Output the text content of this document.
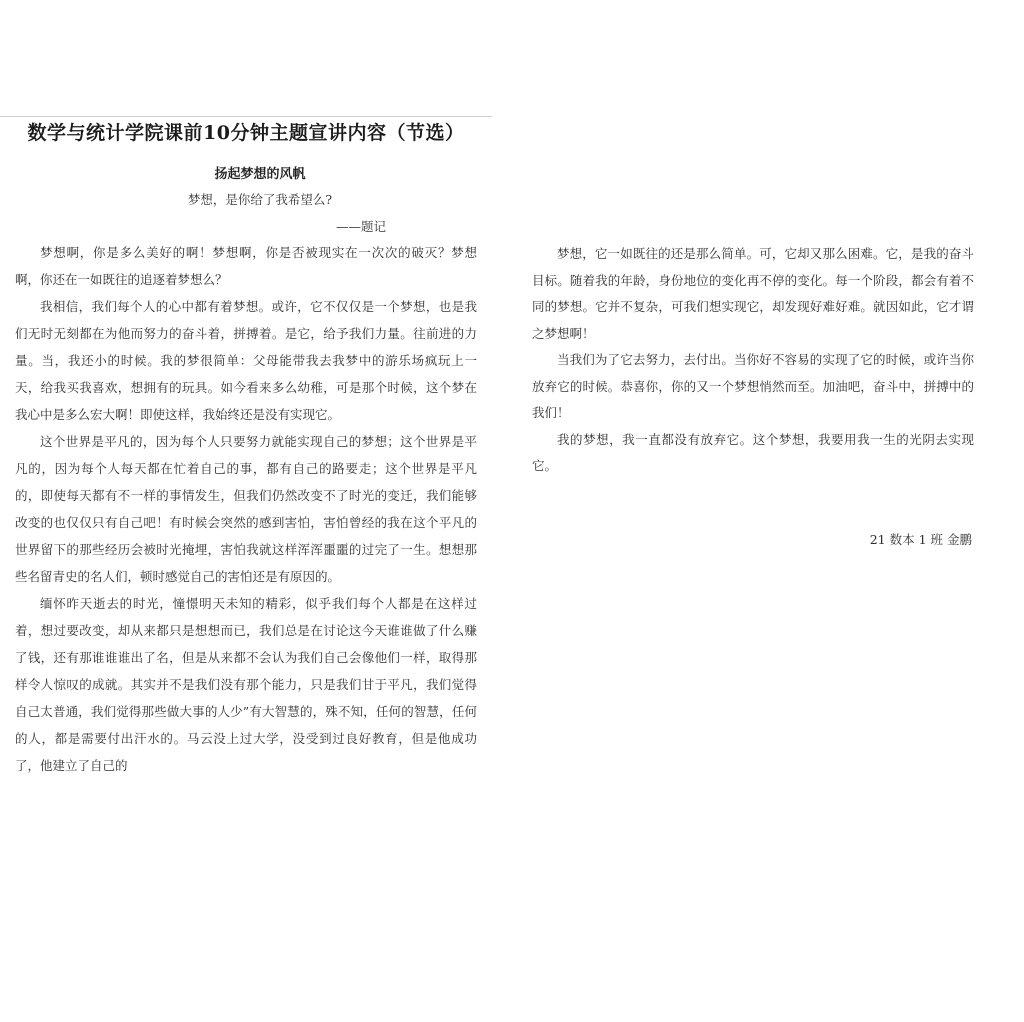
数学与统计学院课前10分钟主题宣讲内容（节选）
扬起梦想的风帆
梦想，是你给了我希望么?
——题记

梦想啊，你是多么美好的啊！梦想啊，你是否被现实在一次次的破灭？梦想啊，你还在一如既往的追逐着梦想么？

我相信，我们每个人的心中都有着梦想。或许，它不仅仅是一个梦想，也是我们无时无刻都在为他而努力的奋斗着，拼搏着。是它，给予我们力量。往前进的力量。当，我还小的时候。我的梦很简单：父母能带我去我梦中的游乐场疯玩上一天，给我买我喜欢，想拥有的玩具。如今看来多么幼稚，可是那个时候，这个梦在我心中是多么宏大啊！即使这样，我始终还是没有实现它。

这个世界是平凡的，因为每个人只要努力就能实现自己的梦想；这个世界是平凡的，因为每个人每天都在忙着自己的事，都有自己的路要走；这个世界是平凡的，即使每天都有不一样的事情发生，但我们仍然改变不了时光的变迁，我们能够改变的也仅仅只有自己吧！有时候会突然的感到害怕，害怕曾经的我在这个平凡的世界留下的那些经历会被时光掩埋，害怕我就这样浑浑噩噩的过完了一生。想想那些名留青史的名人们，顿时感觉自己的害怕还是有原因的。

缅怀昨天逝去的时光，憧憬明天未知的精彩，似乎我们每个人都是在这样过着，想过要改变，却从来都只是想想而已，我们总是在讨论这今天谁谁做了什么赚了钱，还有那谁谁谁出了名，但是从来都不会认为我们自己会像他们一样，取得那样令人惊叹的成就。其实并不是我们没有那个能力，只是我们甘于平凡，我们觉得自己太普通，我们觉得那些做大事的人少”有大智慧的，殊不知，任何的智慧，任何的人，都是需要付出汗水的。马云没上过大学，没受到过良好教育，但是他成功了，他建立了自己的

梦想，它一如既往的还是那么简单。可，它却又那么困难。它，是我的奋斗目标。随着我的年龄，身份地位的变化再不停的变化。每一个阶段，都会有着不同的梦想。它并不复杂，可我们想实现它，却发现好难好难。就因如此，它才谓之梦想啊！

当我们为了它去努力，去付出。当你好不容易的实现了它的时候，或许当你放弃它的时候。恭喜你，你的又一个梦想悄然而至。加油吧，奋斗中，拼搏中的我们！

我的梦想，我一直都没有放弃它。这个梦想，我要用我一生的光阴去实现它。

21 数本 1 班 金鹏
